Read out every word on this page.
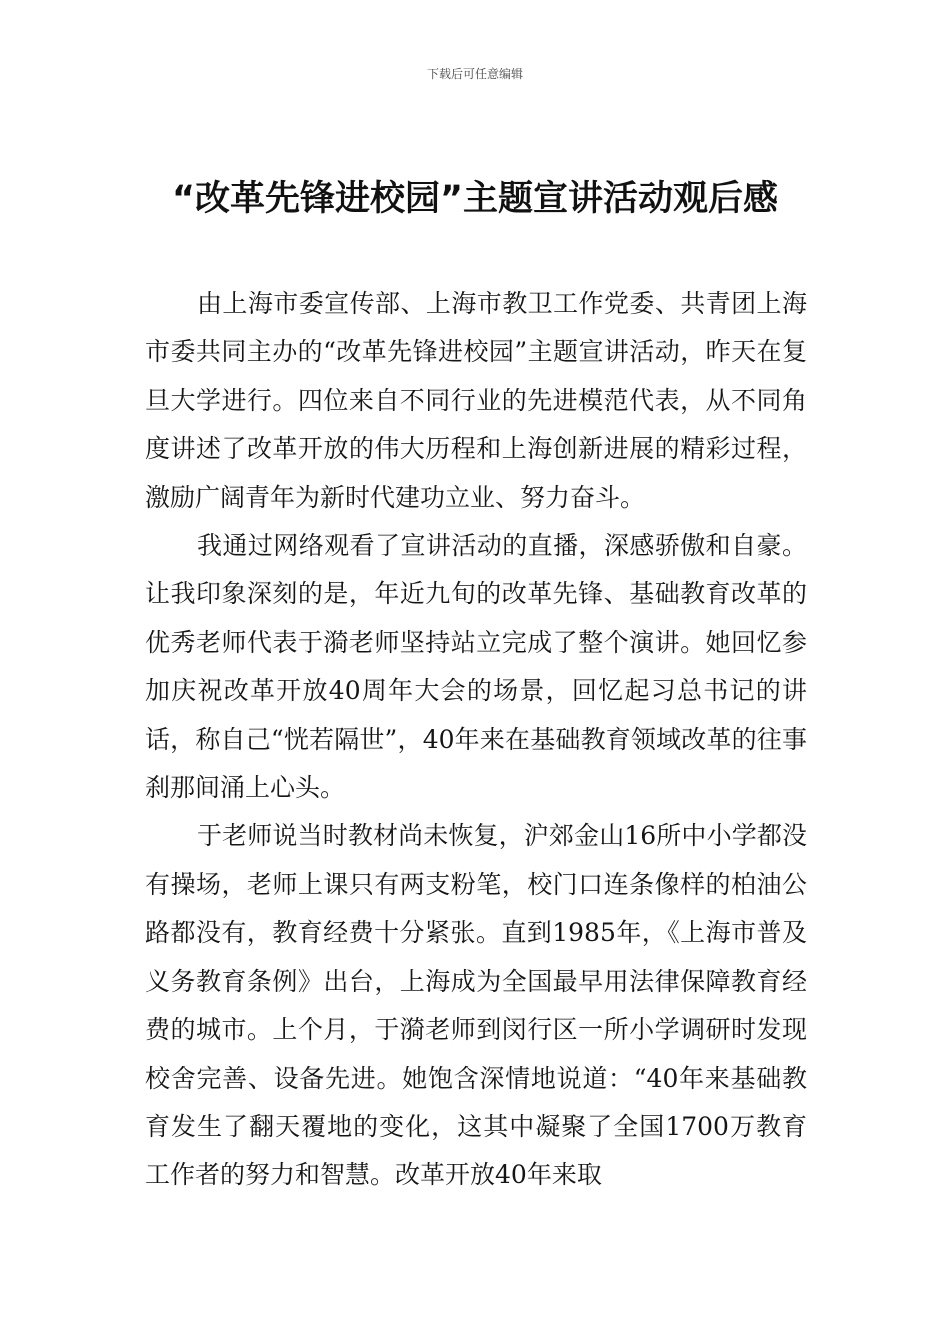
下载后可任意编辑
“改革先锋进校园”主题宣讲活动观后感

由上海市委宣传部、上海市教卫工作党委、共青团上海市委共同主办的“改革先锋进校园”主题宣讲活动，昨天在复旦大学进行。四位来自不同行业的先进模范代表，从不同角度讲述了改革开放的伟大历程和上海创新进展的精彩过程，激励广阔青年为新时代建功立业、努力奋斗。

我通过网络观看了宣讲活动的直播，深感骄傲和自豪。让我印象深刻的是，年近九旬的改革先锋、基础教育改革的优秀老师代表于漪老师坚持站立完成了整个演讲。她回忆参加庆祝改革开放40周年大会的场景，回忆起习总书记的讲话，称自己“恍若隔世”，40年来在基础教育领域改革的往事刹那间涌上心头。

于老师说当时教材尚未恢复，沪郊金山16所中小学都没有操场，老师上课只有两支粉笔，校门口连条像样的柏油公路都没有，教育经费十分紧张。直到1985年，《上海市普及义务教育条例》出台，上海成为全国最早用法律保障教育经费的城市。上个月，于漪老师到闵行区一所小学调研时发现校舍完善、设备先进。她饱含深情地说道：“40年来基础教育发生了翻天覆地的变化，这其中凝聚了全国1700万教育工作者的努力和智慧。改革开放40年来取
